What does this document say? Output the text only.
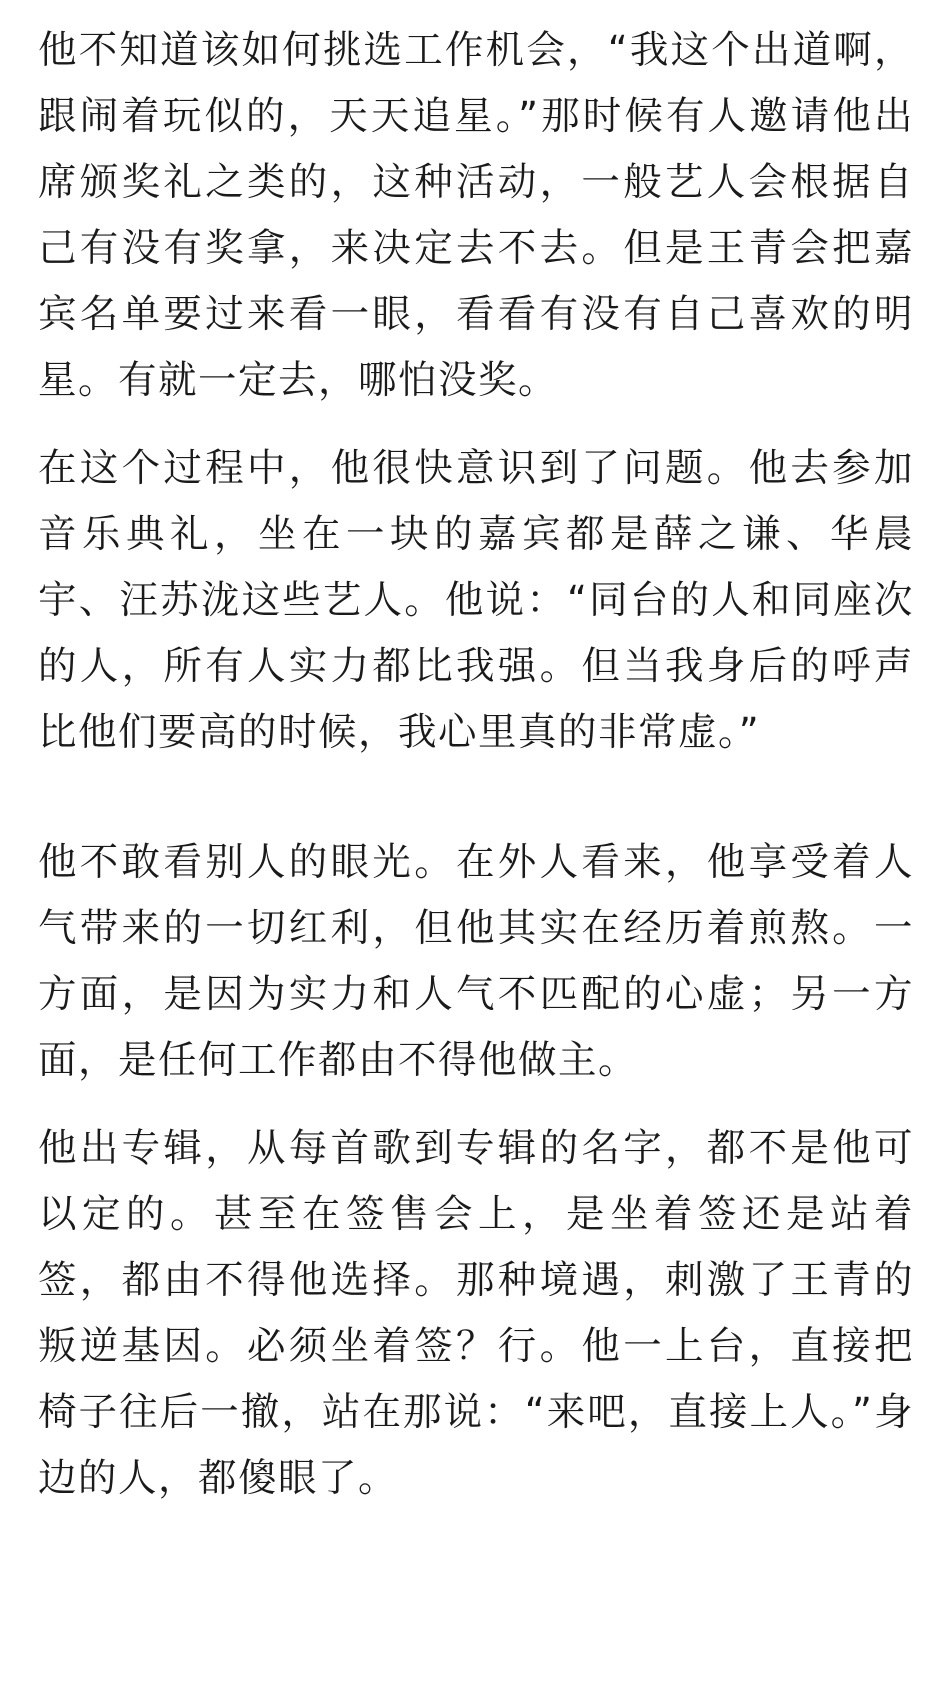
他不知道该如何挑选工作机会，“我这个出道啊，跟闹着玩似的，天天追星。”那时候有人邀请他出席颁奖礼之类的，这种活动，一般艺人会根据自己有没有奖拿，来决定去不去。但是王青会把嘉宾名单要过来看一眼，看看有没有自己喜欢的明星。有就一定去，哪怕没奖。

在这个过程中，他很快意识到了问题。他去参加音乐典礼，坐在一块的嘉宾都是薛之谦、华晨宇、汪苏泷这些艺人。他说：“同台的人和同座次的人，所有人实力都比我强。但当我身后的呼声比他们要高的时候，我心里真的非常虚。”

他不敢看别人的眼光。在外人看来，他享受着人气带来的一切红利，但他其实在经历着煎熬。一方面，是因为实力和人气不匹配的心虚；另一方面，是任何工作都由不得他做主。

他出专辑，从每首歌到专辑的名字，都不是他可以定的。甚至在签售会上，是坐着签还是站着签，都由不得他选择。那种境遇，刺激了王青的叛逆基因。必须坐着签？行。他一上台，直接把椅子往后一撤，站在那说：“来吧，直接上人。”身边的人，都傻眼了。
